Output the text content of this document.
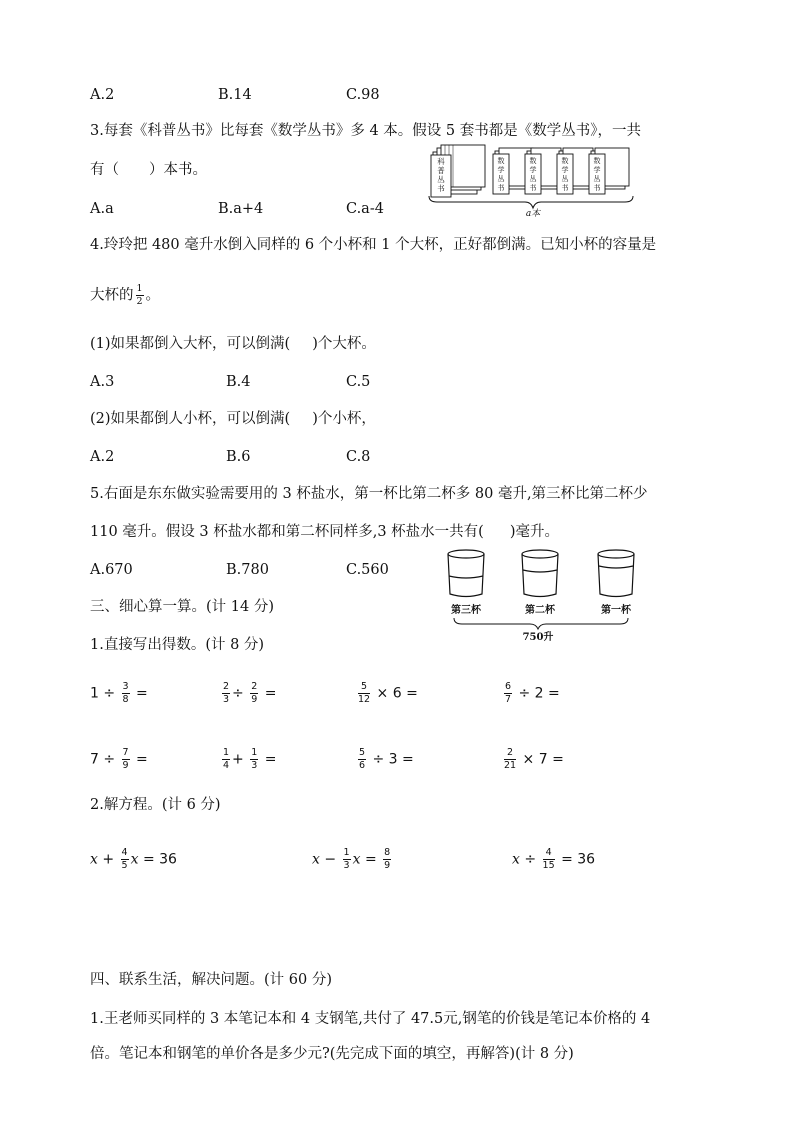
A.2	B.14	C.98
3.每套《科普丛书》比每套《数学丛书》多 4 本。假设 5 套书都是《数学丛书》，一共
有（ ）本书。
A.a	B.a+4	C.a-4
科
普
丛
书
数
学
丛
书
数
学
丛
书
数
学
丛
书
数
学
丛
书
a本
4.玲玲把 480 毫升水倒入同样的 6 个小杯和 1 个大杯，正好都倒满。已知小杯的容量是
大杯的 $\frac{1}{2}$ 。
(1)如果都倒入大杯，可以倒满( )个大杯。
A.3	B.4	C.5
(2)如果都倒人小杯，可以倒满( )个小杯，
A.2	B.6	C.8
5.右面是东东做实验需要用的 3 杯盐水，第一杯比第二杯多 80 毫升,第三杯比第二杯少
110 毫升。假设 3 杯盐水都和第二杯同样多,3 杯盐水一共有( )毫升。
A.670	B.780	C.560
第三杯	第二杯	第一杯
750升
三、细心算一算。(计 14 分)
1.直接写出得数。(计 8 分)
$1 \div \frac{3}{8}$ =	$\frac{2}{3} \div \frac{2}{9}$ =	$\frac{5}{12} \times 6$ =	$\frac{6}{7} \div 2$ =
$7 \div \frac{7}{9}$ =	$\frac{1}{4} + \frac{1}{3}$ =	$\frac{5}{6} \div 3$ =	$\frac{2}{21} \times 7$ =
2.解方程。(计 6 分)
$x + \frac{4}{5}$ x = 36	$x - \frac{1}{3}$ $x = \frac{8}{9}$	$x \div \frac{4}{15} = 36$
四、联系生活，解决问题。(计 60 分)
1.王老师买同样的 3 本笔记本和 4 支钢笔,共付了 47.5元,钢笔的价钱是笔记本价格的 4
倍。笔记本和钢笔的单价各是多少元?(先完成下面的填空，再解答)(计 8 分)
